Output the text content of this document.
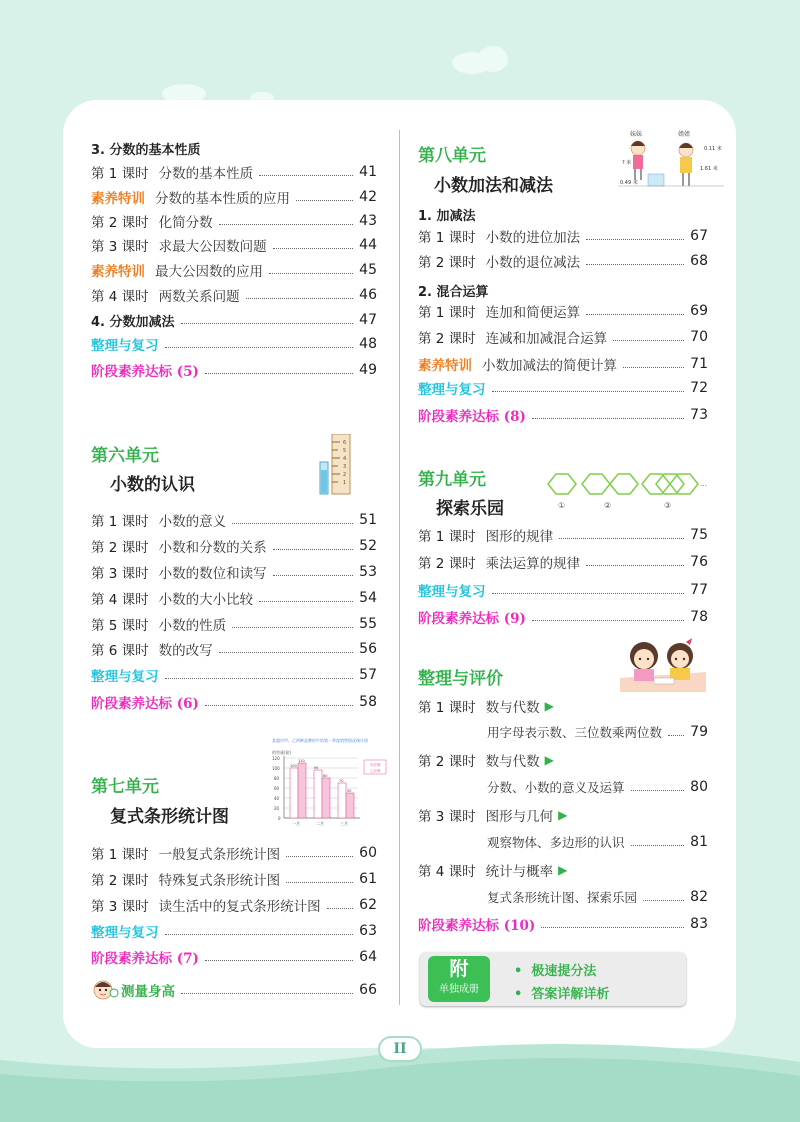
II
3. 分数的基本性质
第 1 课时 分数的基本性质	41
素养特训 分数的基本性质的应用	42
第 2 课时 化简分数	43
第 3 课时 求最大公因数问题	44
素养特训 最大公因数的应用	45
第 4 课时 两数关系问题	46
4. 分数加减法	47
整理与复习	48
阶段素养达标 (5)	49
第六单元
小数的认识
6
5
4
3
2
1
第 1 课时 小数的意义	51
第 2 课时 小数和分数的关系	52
第 3 课时 小数的数位和读写	53
第 4 课时 小数的大小比较	54
第 5 课时 小数的性质	55
第 6 课时 数的改写	56
整理与复习	57
阶段素养达标 (6)	58
第七单元
复式条形统计图
某超市甲、乙两种品牌的牛奶第一季度销售情况统计图
销售量(箱)
120
100
80
60
40
20
0
100
110
95
80
70
50
一月	二月	三月
甲品牌
乙品牌
第 1 课时 一般复式条形统计图	60
第 2 课时 特殊复式条形统计图	61
第 3 课时 读生活中的复式条形统计图	62
整理与复习	63
阶段素养达标 (7)	64
测量身高	66
第八单元
小数加法和减法
妹妹	姐姐
0.11 米
? 米
1.61 米
0.49 米
1. 加减法
第 1 课时 小数的进位加法	67
第 2 课时 小数的退位减法	68
2. 混合运算
第 1 课时 连加和简便运算	69
第 2 课时 连减和加减混合运算	70
素养特训 小数加减法的简便计算	71
整理与复习	72
阶段素养达标 (8)	73
第九单元
探索乐园	①	②	③
…
第 1 课时 图形的规律	75
第 2 课时 乘法运算的规律	76
整理与复习	77
阶段素养达标 (9)	78
整理与评价
第 1 课时 数与代数 ▶
用字母表示数、三位数乘两位数 79
第 2 课时 数与代数 ▶
分数、小数的意义及运算	80
第 3 课时 图形与几何 ▶
观察物体、多边形的认识	81
第 4 课时 统计与概率 ▶
复式条形统计图、探索乐园	82
阶段素养达标 (10)	83
附
单独成册
• 极速提分法
• 答案详解详析
